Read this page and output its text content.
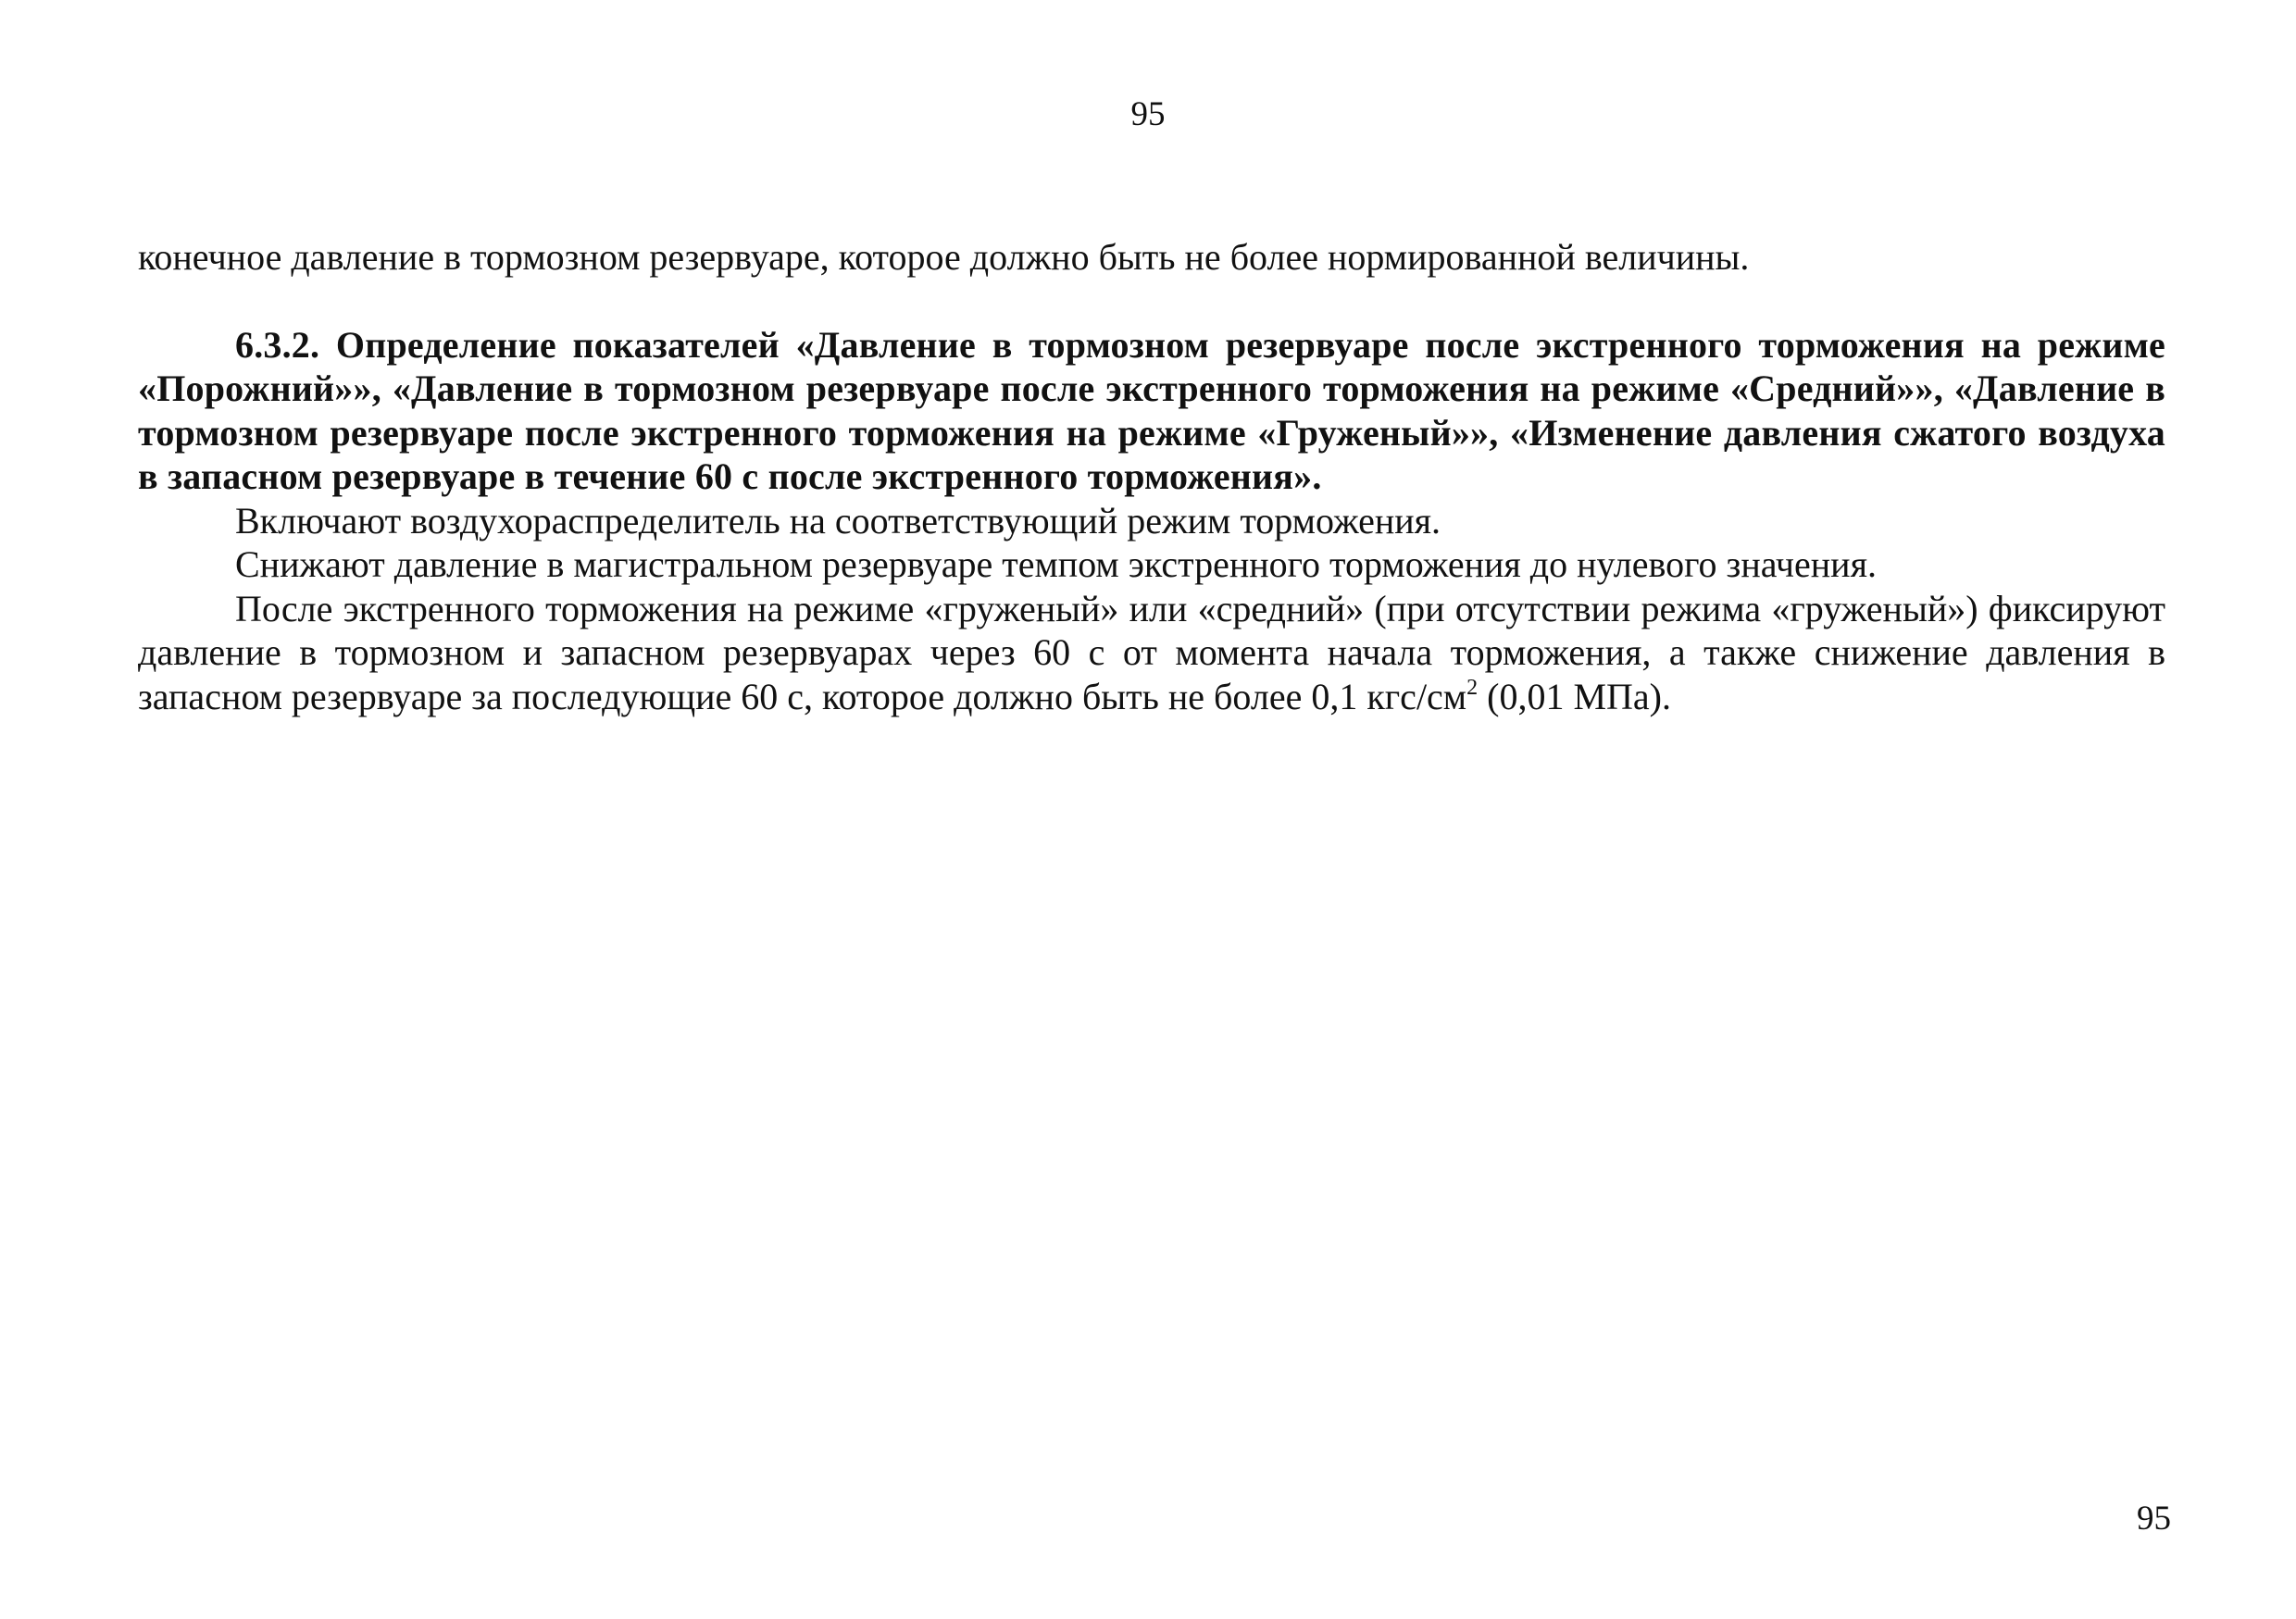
95

конечное давление в тормозном резервуаре, которое должно быть не более нормированной величины.

6.3.2. Определение показателей «Давление в тормозном резервуаре после экстренного торможения на режиме «Порожний»», «Давление в тормозном резервуаре после экстренного торможения на режиме «Средний»», «Давление в тормозном резервуаре после экстренного торможения на режиме «Груженый»», «Изменение давления сжатого воздуха в запасном резервуаре в течение 60 с после экстренного торможения».

Включают воздухораспределитель на соответствующий режим торможения.

Снижают давление в магистральном резервуаре темпом экстренного торможения до нулевого значения.

После экстренного торможения на режиме «груженый» или «средний» (при отсутствии режима «груженый») фиксируют давление в тормозном и запасном резервуарах через 60 с от момента начала торможения, а также снижение давления в запасном резервуаре за последующие 60 с, которое должно быть не более 0,1 кгс/$см^2$ (0,01 МПа).

95
